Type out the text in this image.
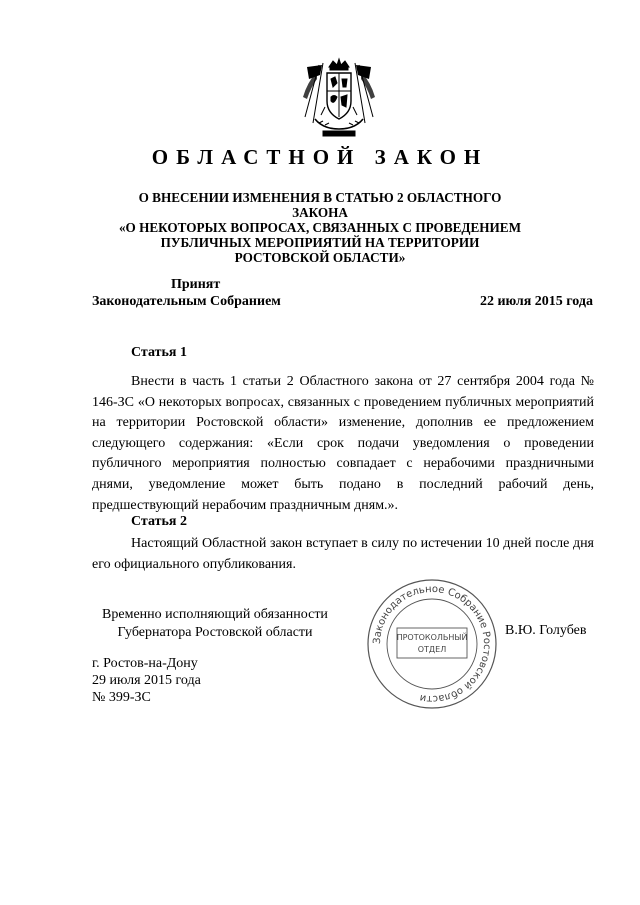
ОБЛАСТНОЙ ЗАКОН
О ВНЕСЕНИИ ИЗМЕНЕНИЯ В СТАТЬЮ 2 ОБЛАСТНОГО ЗАКОНА
«О НЕКОТОРЫХ ВОПРОСАХ, СВЯЗАННЫХ С ПРОВЕДЕНИЕМ
ПУБЛИЧНЫХ МЕРОПРИЯТИЙ НА ТЕРРИТОРИИ
РОСТОВСКОЙ ОБЛАСТИ»
Принят
Законодательным Собранием	22 июля 2015 года
Статья 1
Внести в часть 1 статьи 2 Областного закона от 27 сентября 2004 года № 146-ЗС «О некоторых вопросах, связанных с проведением публичных мероприятий на территории Ростовской области» изменение, дополнив ее предложением следующего содержания: «Если срок подачи уведомления о проведении публичного мероприятия полностью совпадает с нерабочими праздничными днями, уведомление может быть подано в последний рабочий день, предшествующий нерабочим праздничным дням.».
Статья 2
Настоящий Областной закон вступает в силу по истечении 10 дней после дня его официального опубликования.
Временно исполняющий обязанности
Губернатора Ростовской области
Законодательное Собрание Ростовской области
ПРОТОКОЛЬНЫЙ
ОТДЕЛ
В.Ю. Голубев
г. Ростов-на-Дону
29 июля 2015 года
№ 399-ЗС
